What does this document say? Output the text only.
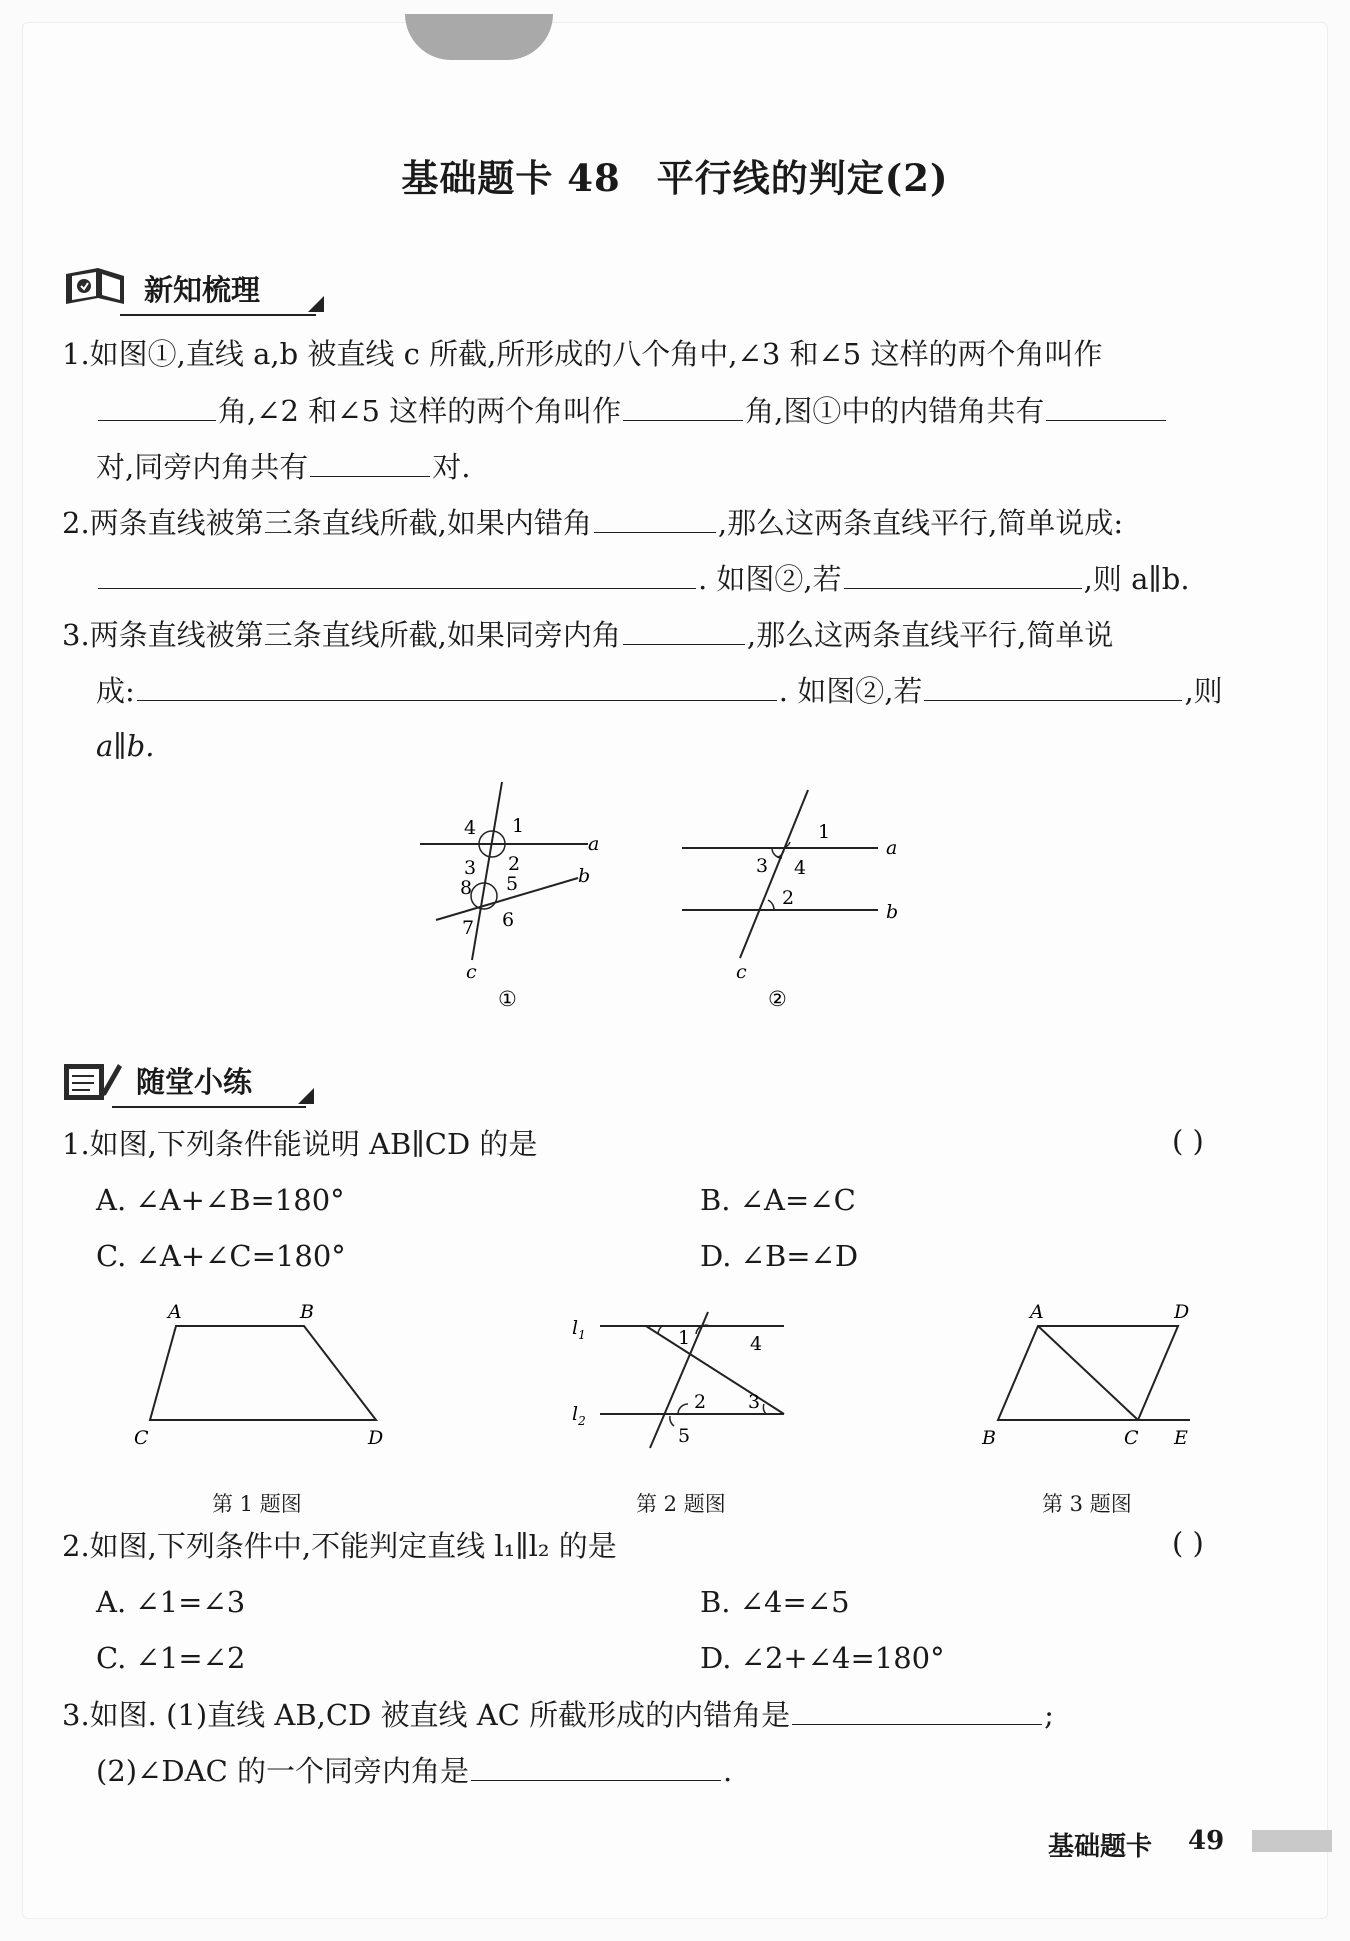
基础题卡 48 平行线的判定(2)
新知梳理
1.如图①,直线 a,b 被直线 c 所截,所形成的八个角中,∠3 和∠5 这样的两个角叫作
角,∠2 和∠5 这样的两个角叫作	角,图①中的内错角共有
对,同旁内角共有	对.
2.两条直线被第三条直线所截,如果内错角	,那么这两条直线平行,简单说成:
. 如图②,若	,则 a∥b.
3.两条直线被第三条直线所截,如果同旁内角	,那么这两条直线平行,简单说
成:	. 如图②,若	,则
a∥b.
4 1
3 2
8 5
7 6
a
b
c
①
1
3 4
2
a
b
c
②
随堂小练
1.如图,下列条件能说明 AB∥CD 的是	( )
A. ∠A+∠B=180°	B. ∠A=∠C
C. ∠A+∠C=180°	D. ∠B=∠D
A	B
C	D
第 1 题图
$l_1$
$l_2$
1	4
2 3
5
第 2 题图
A	D
B	C E
第 3 题图
2.如图,下列条件中,不能判定直线 l₁∥l₂ 的是	( )
A. ∠1=∠3	B. ∠4=∠5
C. ∠1=∠2	D. ∠2+∠4=180°
3.如图. (1)直线 AB,CD 被直线 AC 所截形成的内错角是	;
(2)∠DAC 的一个同旁内角是	.
基础题卡 49
